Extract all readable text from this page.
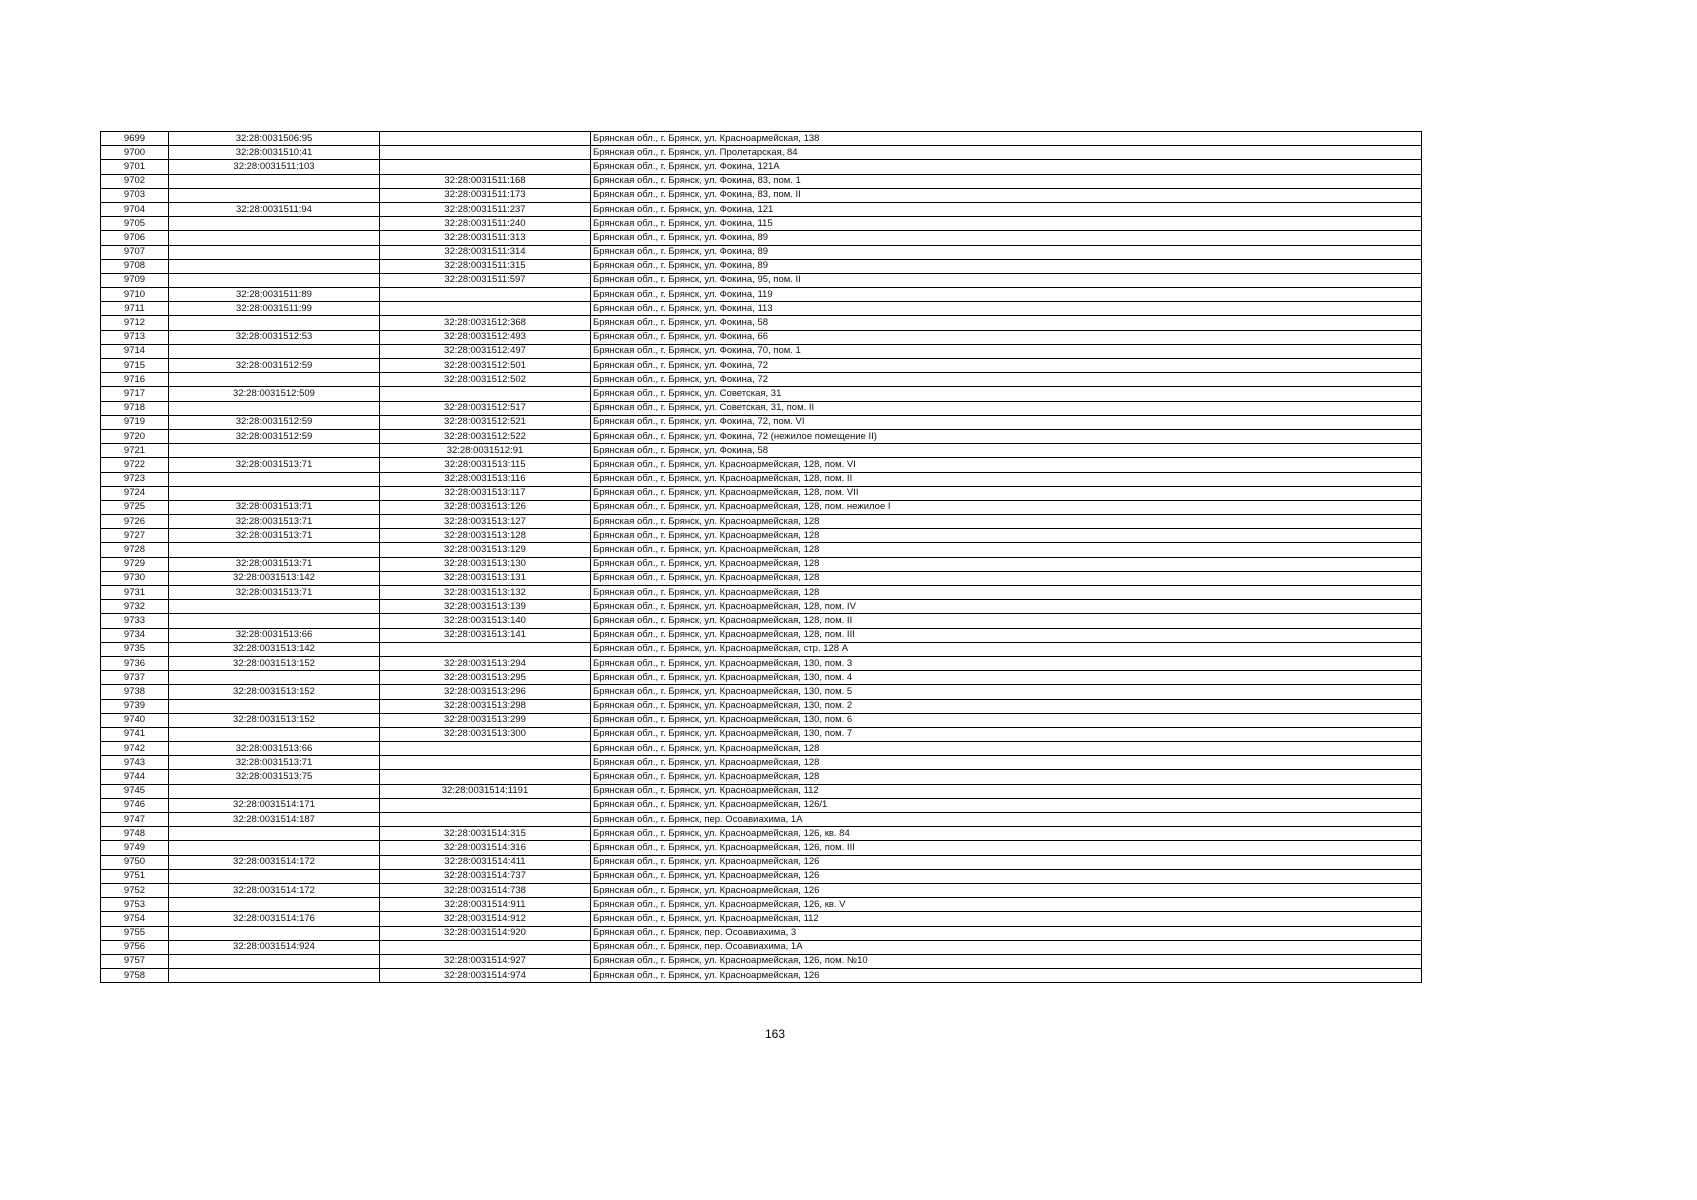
9699	32:28:0031506:95		Брянская обл., г. Брянск, ул. Красноармейская, 138
9700	32:28:0031510:41		Брянская обл., г. Брянск, ул. Пролетарская, 84
9701	32:28:0031511:103		Брянская обл., г. Брянск, ул. Фокина, 121А
9702		32:28:0031511:168	Брянская обл., г. Брянск, ул. Фокина, 83, пом. 1
9703		32:28:0031511:173	Брянская обл., г. Брянск, ул. Фокина, 83, пом. II
9704	32:28:0031511:94	32:28:0031511:237	Брянская обл., г. Брянск, ул. Фокина, 121
9705		32:28:0031511:240	Брянская обл., г. Брянск, ул. Фокина, 115
9706		32:28:0031511:313	Брянская обл., г. Брянск, ул. Фокина, 89
9707		32:28:0031511:314	Брянская обл., г. Брянск, ул. Фокина, 89
9708		32:28:0031511:315	Брянская обл., г. Брянск, ул. Фокина, 89
9709		32:28:0031511:597	Брянская обл., г. Брянск, ул. Фокина, 95, пом. II
9710	32:28:0031511:89		Брянская обл., г. Брянск, ул. Фокина, 119
9711	32:28:0031511:99		Брянская обл., г. Брянск, ул. Фокина, 113
9712		32:28:0031512:368	Брянская обл., г. Брянск, ул. Фокина, 58
9713	32:28:0031512:53	32:28:0031512:493	Брянская обл., г. Брянск, ул. Фокина, 66
9714		32:28:0031512:497	Брянская обл., г. Брянск, ул. Фокина, 70, пом. 1
9715	32:28:0031512:59	32:28:0031512:501	Брянская обл., г. Брянск, ул. Фокина, 72
9716		32:28:0031512:502	Брянская обл., г. Брянск, ул. Фокина, 72
9717	32:28:0031512:509		Брянская обл., г. Брянск, ул. Советская, 31
9718		32:28:0031512:517	Брянская обл., г. Брянск, ул. Советская, 31, пом. II
9719	32:28:0031512:59	32:28:0031512:521	Брянская обл., г. Брянск, ул. Фокина, 72, пом. VI
9720	32:28:0031512:59	32:28:0031512:522	Брянская обл., г. Брянск, ул. Фокина, 72 (нежилое помещение II)
9721		32:28:0031512:91	Брянская обл., г. Брянск, ул. Фокина, 58
9722	32:28:0031513:71	32:28:0031513:115	Брянская обл., г. Брянск, ул. Красноармейская, 128, пом. VI
9723		32:28:0031513:116	Брянская обл., г. Брянск, ул. Красноармейская, 128, пом. II
9724		32:28:0031513:117	Брянская обл., г. Брянск, ул. Красноармейская, 128, пом. VII
9725	32:28:0031513:71	32:28:0031513:126	Брянская обл., г. Брянск, ул. Красноармейская, 128, пом. нежилое I
9726	32:28:0031513:71	32:28:0031513:127	Брянская обл., г. Брянск, ул. Красноармейская, 128
9727	32:28:0031513:71	32:28:0031513:128	Брянская обл., г. Брянск, ул. Красноармейская, 128
9728		32:28:0031513:129	Брянская обл., г. Брянск, ул. Красноармейская, 128
9729	32:28:0031513:71	32:28:0031513:130	Брянская обл., г. Брянск, ул. Красноармейская, 128
9730	32:28:0031513:142	32:28:0031513:131	Брянская обл., г. Брянск, ул. Красноармейская, 128
9731	32:28:0031513:71	32:28:0031513:132	Брянская обл., г. Брянск, ул. Красноармейская, 128
9732		32:28:0031513:139	Брянская обл., г. Брянск, ул. Красноармейская, 128, пом. IV
9733		32:28:0031513:140	Брянская обл., г. Брянск, ул. Красноармейская, 128, пом. II
9734	32:28:0031513:66	32:28:0031513:141	Брянская обл., г. Брянск, ул. Красноармейская, 128, пом. III
9735	32:28:0031513:142		Брянская обл., г. Брянск, ул. Красноармейская, стр. 128 А
9736	32:28:0031513:152	32:28:0031513:294	Брянская обл., г. Брянск, ул. Красноармейская, 130, пом. 3
9737		32:28:0031513:295	Брянская обл., г. Брянск, ул. Красноармейская, 130, пом. 4
9738	32:28:0031513:152	32:28:0031513:296	Брянская обл., г. Брянск, ул. Красноармейская, 130, пом. 5
9739		32:28:0031513:298	Брянская обл., г. Брянск, ул. Красноармейская, 130, пом. 2
9740	32:28:0031513:152	32:28:0031513:299	Брянская обл., г. Брянск, ул. Красноармейская, 130, пом. 6
9741		32:28:0031513:300	Брянская обл., г. Брянск, ул. Красноармейская, 130, пом. 7
9742	32:28:0031513:66		Брянская обл., г. Брянск, ул. Красноармейская, 128
9743	32:28:0031513:71		Брянская обл., г. Брянск, ул. Красноармейская, 128
9744	32:28:0031513:75		Брянская обл., г. Брянск, ул. Красноармейская, 128
9745		32:28:0031514:1191	Брянская обл., г. Брянск, ул. Красноармейская, 112
9746	32:28:0031514:171		Брянская обл., г. Брянск, ул. Красноармейская, 126/1
9747	32:28:0031514:187		Брянская обл., г. Брянск, пер. Осоавиахима, 1А
9748		32:28:0031514:315	Брянская обл., г. Брянск, ул. Красноармейская, 126, кв. 84
9749		32:28:0031514:316	Брянская обл., г. Брянск, ул. Красноармейская, 126, пом. III
9750	32:28:0031514:172	32:28:0031514:411	Брянская обл., г. Брянск, ул. Красноармейская, 126
9751		32:28:0031514:737	Брянская обл., г. Брянск, ул. Красноармейская, 126
9752	32:28:0031514:172	32:28:0031514:738	Брянская обл., г. Брянск, ул. Красноармейская, 126
9753		32:28:0031514:911	Брянская обл., г. Брянск, ул. Красноармейская, 126, кв. V
9754	32:28:0031514:176	32:28:0031514:912	Брянская обл., г. Брянск, ул. Красноармейская, 112
9755		32:28:0031514:920	Брянская обл., г. Брянск, пер. Осоавиахима, 3
9756	32:28:0031514:924		Брянская обл., г. Брянск, пер. Осоавиахима, 1А
9757		32:28:0031514:927	Брянская обл., г. Брянск, ул. Красноармейская, 126, пом. №10
9758		32:28:0031514:974	Брянская обл., г. Брянск, ул. Красноармейская, 126
163
